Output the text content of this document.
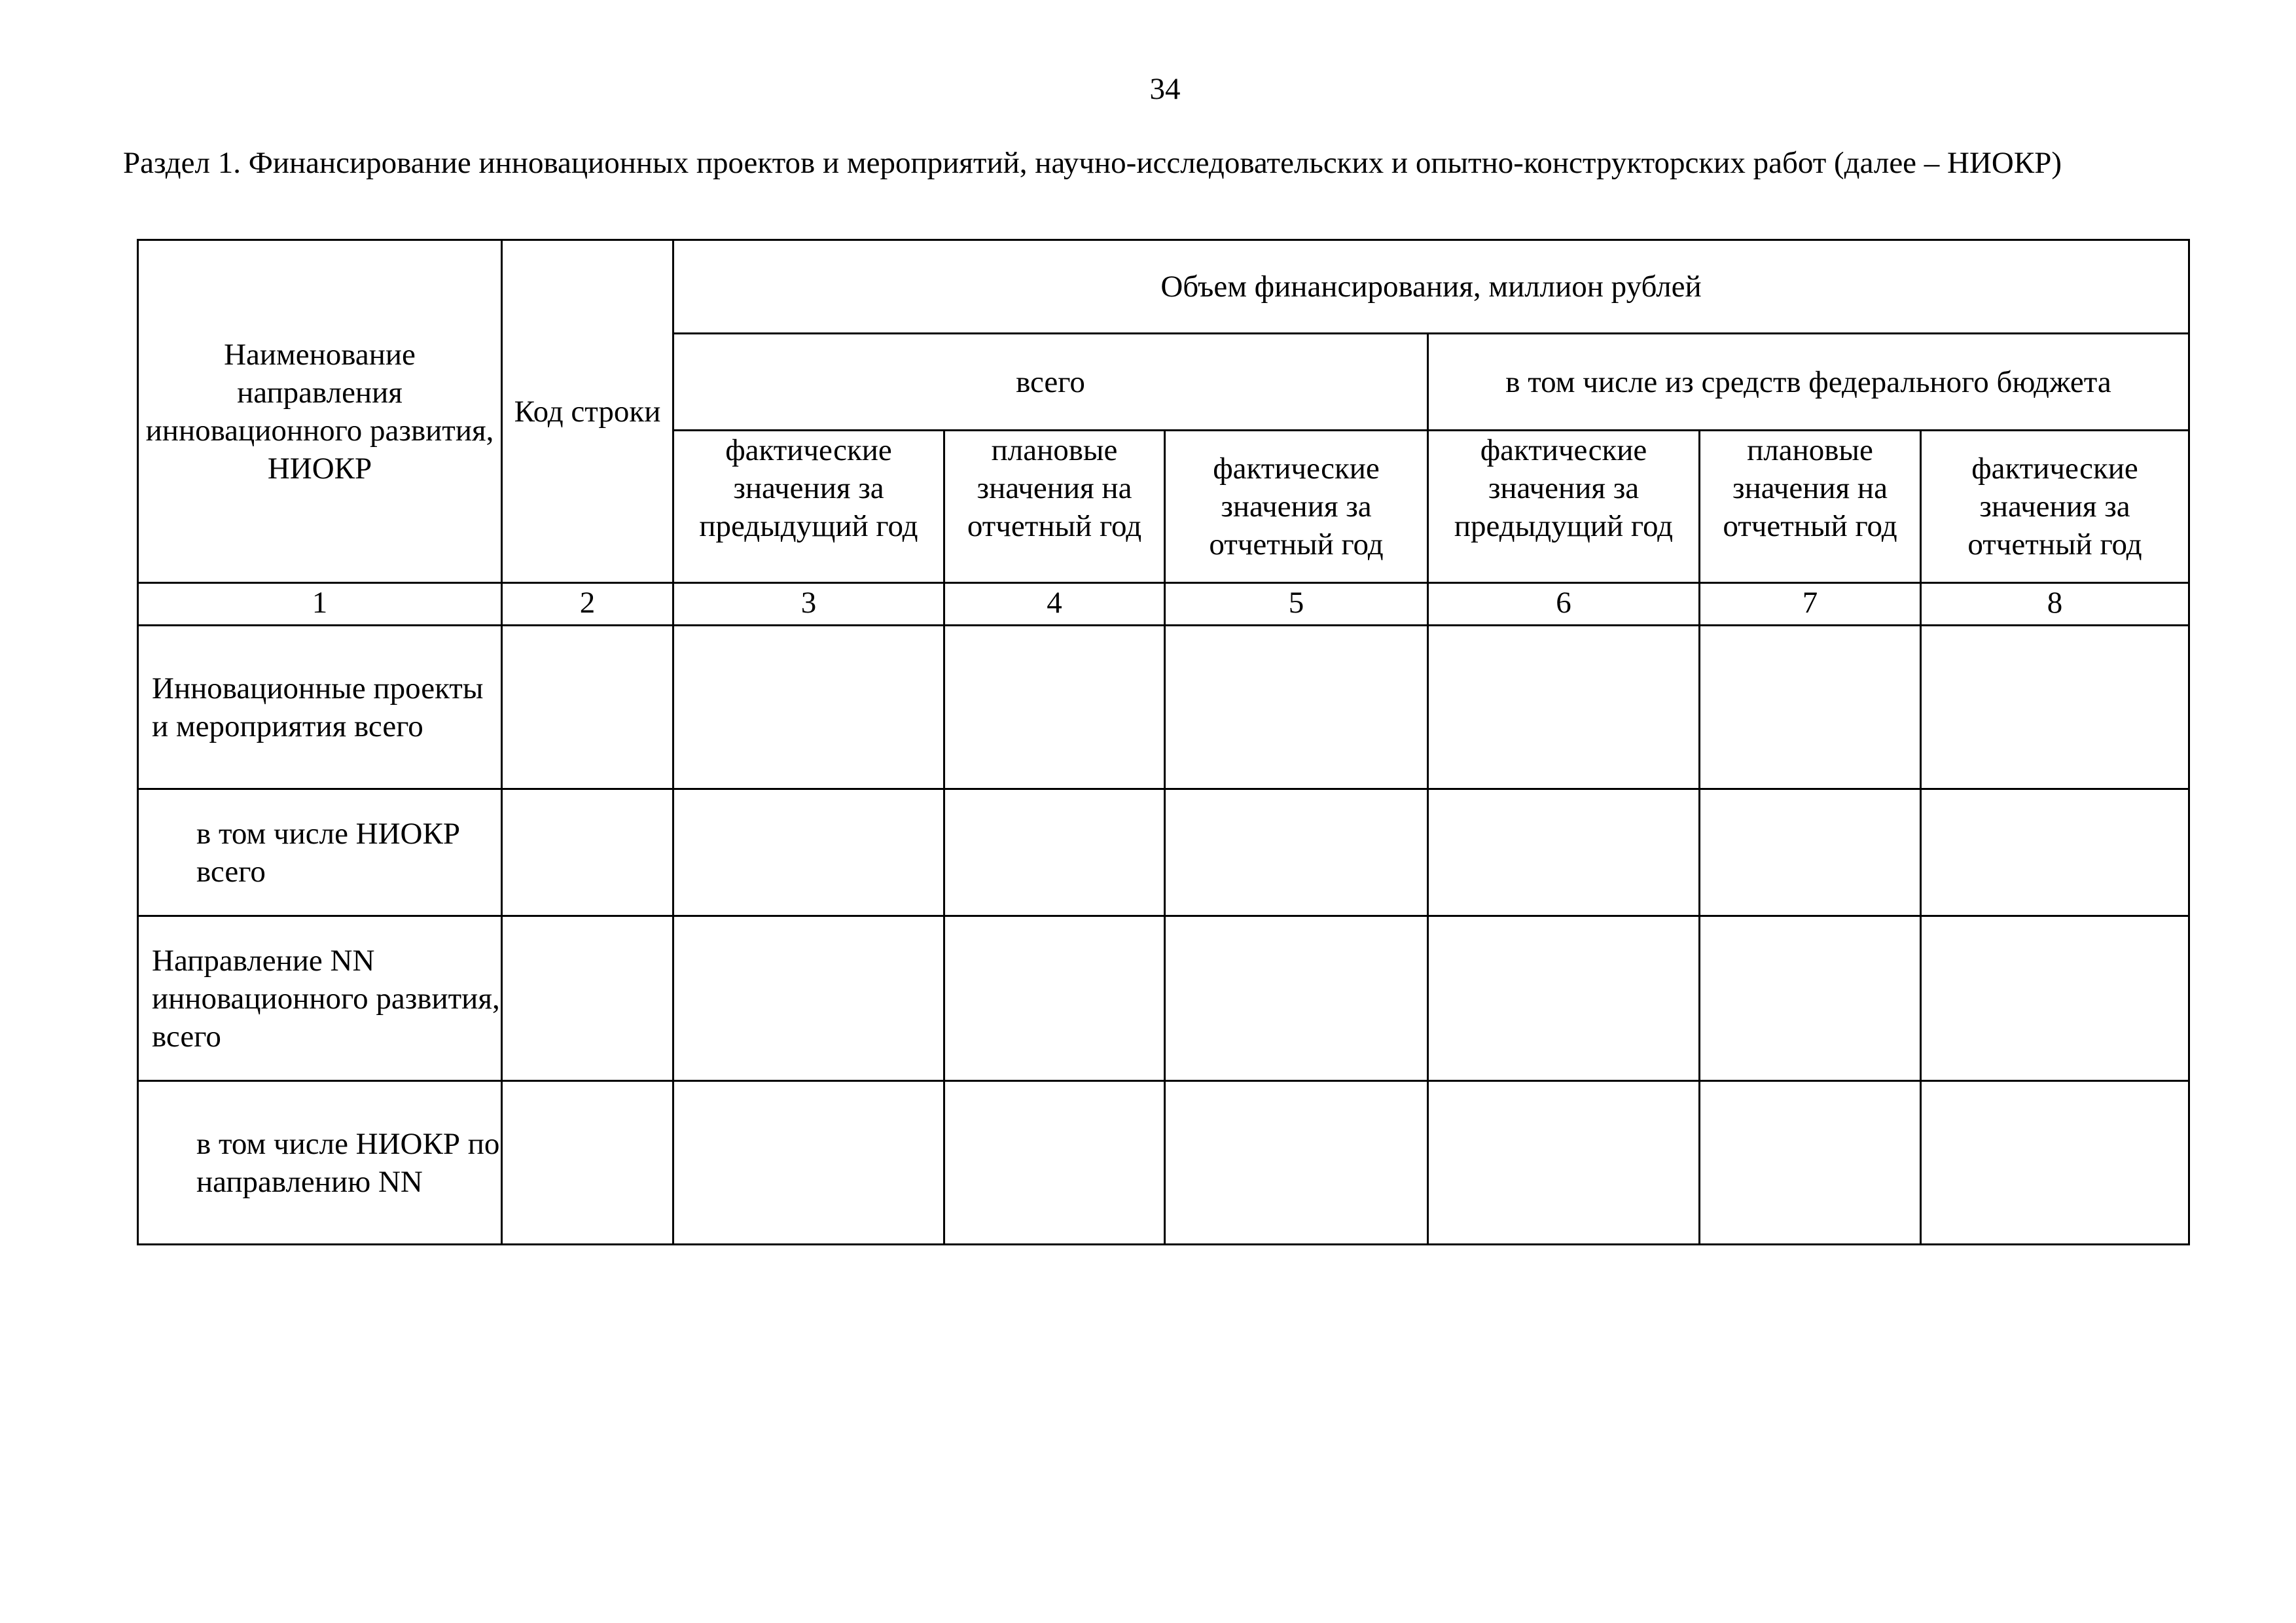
34
Раздел 1. Финансирование инновационных проектов и мероприятий, научно-исследовательских и опытно-конструкторских работ (далее – НИОКР)
Наименование направления инновационного развития, НИОКР	Код строки	Объем финансирования, миллион рублей					
		всего			в том числе из средств федерального бюджета		
		фактические значения за предыдущий год	плановые значения на отчетный год	фактические значения за отчетный год	фактические значения за предыдущий год	плановые значения на отчетный год	фактические значения за отчетный год
1	2	3	4	5	6	7	8
Инновационные проекты и мероприятия всего							
в том числе НИОКР всего							
Направление NN инновационного развития, всего							
в том числе НИОКР по направлению NN							
